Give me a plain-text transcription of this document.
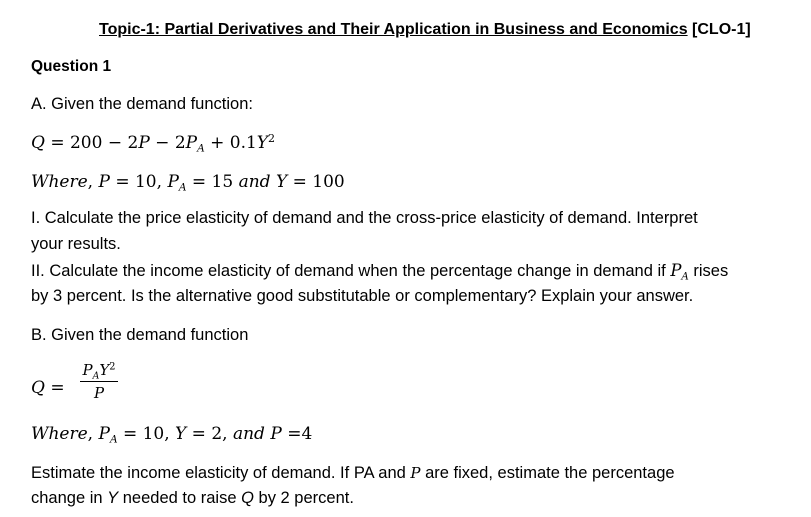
Topic-1: Partial Derivatives and Their Application in Business and Economics [CLO-1]
Question 1
A. Given the demand function:
$Q = 200 - 2P - 2P_A + 0.1Y^2$
Where, P = 10, $P_A = 15$ and Y = 100
I. Calculate the price elasticity of demand and the cross-price elasticity of demand. Interpret
your results.
II. Calculate the income elasticity of demand when the percentage change in demand if $P_A$ rises
by 3 percent. Is the alternative good substitutable or complementary? Explain your answer.
B. Given the demand function
Q =
$P_AY^2$
P
Where, $P_A = 10$, Y = 2, and P =4
Estimate the income elasticity of demand. If PA and P are fixed, estimate the percentage
change in Y needed to raise Q by 2 percent.
